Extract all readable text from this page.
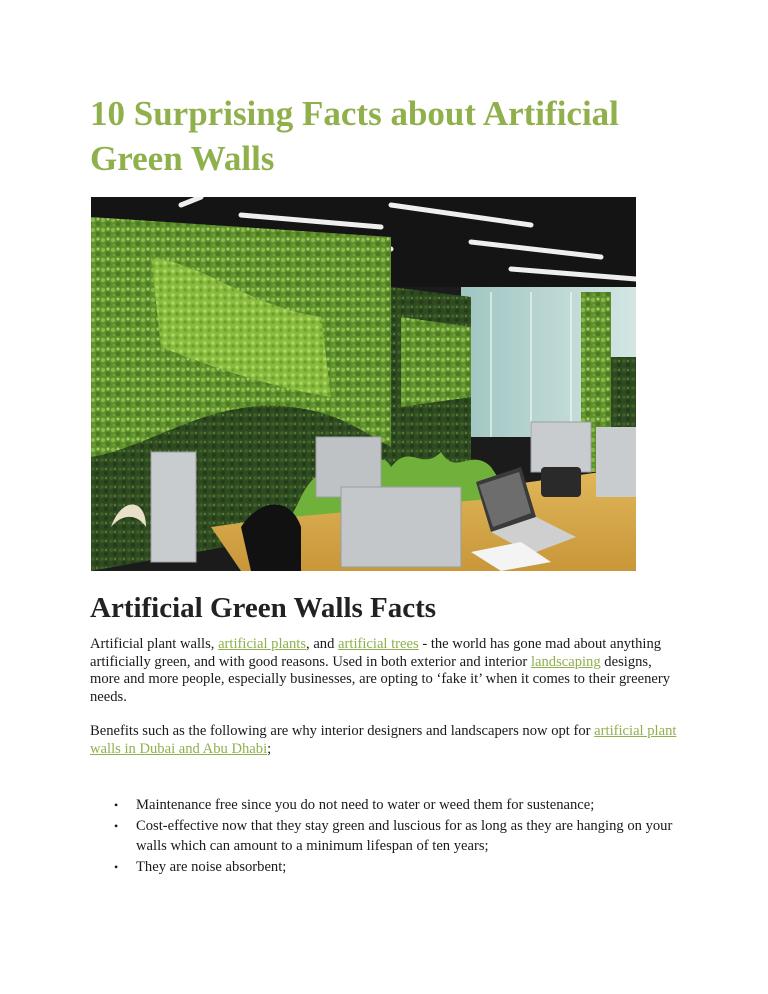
10 Surprising Facts about Artificial Green Walls
Artificial Green Walls Facts

Artificial plant walls, artificial plants, and artificial trees - the world has gone mad about anything artificially green, and with good reasons. Used in both exterior and interior landscaping designs, more and more people, especially businesses, are opting to ‘fake it’ when it comes to their greenery needs.

Benefits such as the following are why interior designers and landscapers now opt for artificial plant walls in Dubai and Abu Dhabi;

• Maintenance free since you do not need to water or weed them for sustenance;
• Cost-effective now that they stay green and luscious for as long as they are hanging on your walls which can amount to a minimum lifespan of ten years;
• They are noise absorbent;
